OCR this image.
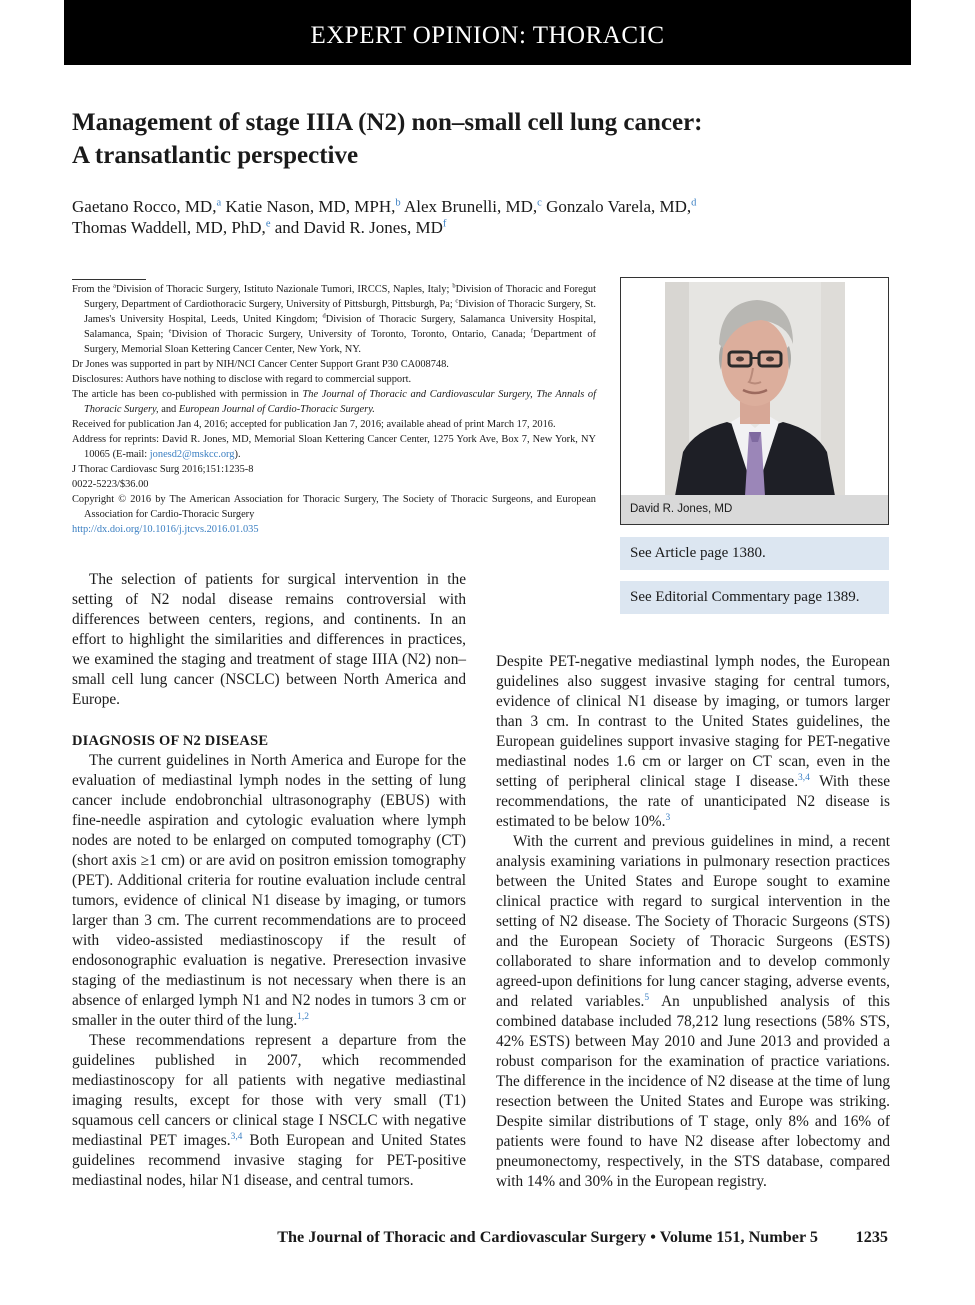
EXPERT OPINION: THORACIC
Management of stage IIIA (N2) non–small cell lung cancer:
A transatlantic perspective
Gaetano Rocco, MD,$^a$ Katie Nason, MD, MPH,$^b$ Alex Brunelli, MD,$^c$ Gonzalo Varela, MD,$^d$
Thomas Waddell, MD, PhD,$^e$ and David R. Jones, $MD^f$

From the $^a$Division of Thoracic Surgery, Istituto Nazionale Tumori, IRCCS, Naples, Italy; $^b$Division of Thoracic and Foregut Surgery, Department of Cardiothoracic Surgery, University of Pittsburgh, Pittsburgh, Pa; $^c$Division of Thoracic Surgery, St. James's University Hospital, Leeds, United Kingdom; $^d$Division of Thoracic Surgery, Salamanca University Hospital, Salamanca, Spain; $^e$Division of Thoracic Surgery, University of Toronto, Toronto, Ontario, Canada; $^f$Department of Surgery, Memorial Sloan Kettering Cancer Center, New York, NY.

Dr Jones was supported in part by NIH/NCI Cancer Center Support Grant P30 CA008748.

Disclosures: Authors have nothing to disclose with regard to commercial support.

The article has been co-published with permission in The Journal of Thoracic and Cardiovascular Surgery, The Annals of Thoracic Surgery, and European Journal of Cardio-Thoracic Surgery.

Received for publication Jan 4, 2016; accepted for publication Jan 7, 2016; available ahead of print March 17, 2016.

Address for reprints: David R. Jones, MD, Memorial Sloan Kettering Cancer Center, 1275 York Ave, Box 7, New York, NY 10065 (E-mail: jonesd2@mskcc.org).

J Thorac Cardiovasc Surg 2016;151:1235-8

0022-5223/$36.00

Copyright © 2016 by The American Association for Thoracic Surgery, The Society of Thoracic Surgeons, and European Association for Cardio-Thoracic Surgery

http://dx.doi.org/10.1016/j.jtcvs.2016.01.035

David R. Jones, MD
See Article page 1380.
See Editorial Commentary page 1389.

The selection of patients for surgical intervention in the setting of N2 nodal disease remains controversial with differences between centers, regions, and continents. In an effort to highlight the similarities and differences in practices, we examined the staging and treatment of stage IIIA (N2) non–small cell lung cancer (NSCLC) between North America and Europe.

DIAGNOSIS OF N2 DISEASE

The current guidelines in North America and Europe for the evaluation of mediastinal lymph nodes in the setting of lung cancer include endobronchial ultrasonography (EBUS) with fine-needle aspiration and cytologic evaluation where lymph nodes are noted to be enlarged on computed tomography (CT) (short axis ≥1 cm) or are avid on positron emission tomography (PET). Additional criteria for routine evaluation include central tumors, evidence of clinical N1 disease by imaging, or tumors larger than 3 cm. The current recommendations are to proceed with video-assisted mediastinoscopy if the result of endosonographic evaluation is negative. Preresection invasive staging of the mediastinum is not necessary when there is an absence of enlarged lymph N1 and N2 nodes in tumors 3 cm or smaller in the outer third of the lung.$^{1,2}$

These recommendations represent a departure from the guidelines published in 2007, which recommended mediastinoscopy for all patients with negative mediastinal imaging results, except for those with very small (T1) squamous cell cancers or clinical stage I NSCLC with negative mediastinal PET images.$^{3,4}$ Both European and United States guidelines recommend invasive staging for PET-positive mediastinal nodes, hilar N1 disease, and central tumors.

Despite PET-negative mediastinal lymph nodes, the European guidelines also suggest invasive staging for central tumors, evidence of clinical N1 disease by imaging, or tumors larger than 3 cm. In contrast to the United States guidelines, the European guidelines support invasive staging for PET-negative mediastinal nodes 1.6 cm or larger on CT scan, even in the setting of peripheral clinical stage I disease.$^{3,4}$ With these recommendations, the rate of unanticipated N2 disease is estimated to be below 10%.$^3$

With the current and previous guidelines in mind, a recent analysis examining variations in pulmonary resection practices between the United States and Europe sought to examine clinical practice with regard to surgical intervention in the setting of N2 disease. The Society of Thoracic Surgeons (STS) and the European Society of Thoracic Surgeons (ESTS) collaborated to share information and to develop commonly agreed-upon definitions for lung cancer staging, adverse events, and related variables.$^5$ An unpublished analysis of this combined database included 78,212 lung resections (58% STS, 42% ESTS) between May 2010 and June 2013 and provided a robust comparison for the examination of practice variations. The difference in the incidence of N2 disease at the time of lung resection between the United States and Europe was striking. Despite similar distributions of T stage, only 8% and 16% of patients were found to have N2 disease after lobectomy and pneumonectomy, respectively, in the STS database, compared with 14% and 30% in the European registry.

The Journal of Thoracic and Cardiovascular Surgery • Volume 151, Number 5 1235
